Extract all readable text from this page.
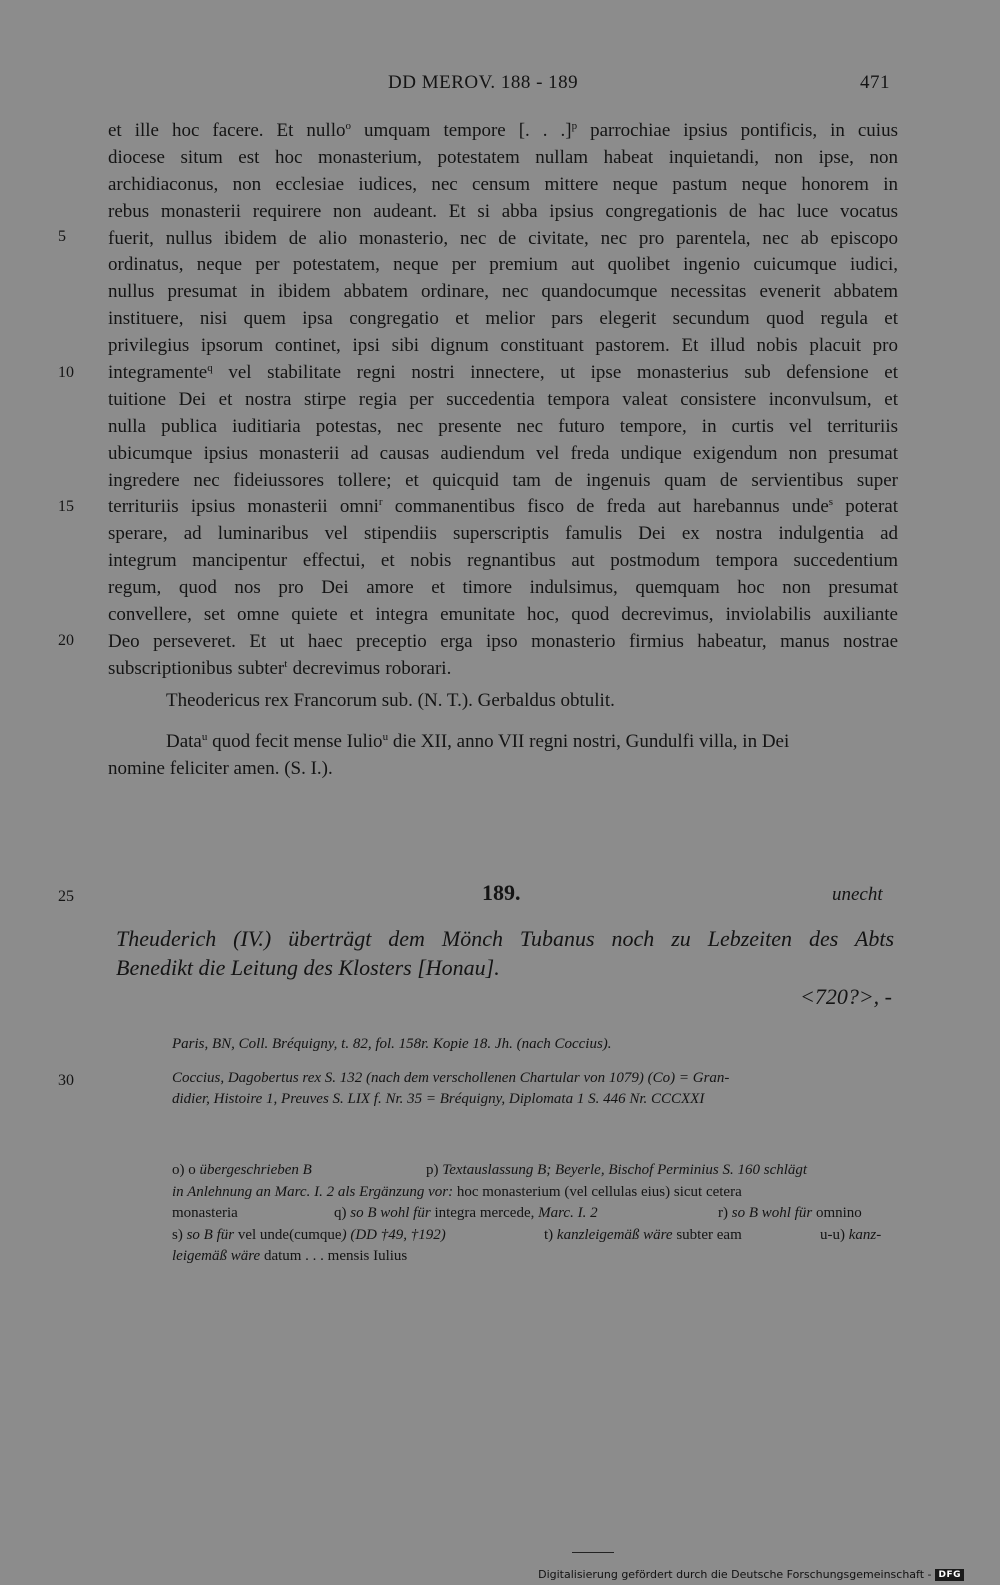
DD MEROV. 188 - 189	471
5
10
15
20
25
30
et ille hoc facere. Et nullo$^o$ umquam tempore [. . .]$^p$ parrochiae ipsius pontificis, in cuius
diocese situm est hoc monasterium, potestatem nullam habeat inquietandi, non ipse, non
archidiaconus, non ecclesiae iudices, nec censum mittere neque pastum neque honorem in
rebus monasterii requirere non audeant. Et si abba ipsius congregationis de hac luce vocatus
fuerit, nullus ibidem de alio monasterio, nec de civitate, nec pro parentela, nec ab episcopo
ordinatus, neque per potestatem, neque per premium aut quolibet ingenio cuicumque iudici,
nullus presumat in ibidem abbatem ordinare, nec quandocumque necessitas evenerit abbatem
instituere, nisi quem ipsa congregatio et melior pars elegerit secundum quod regula et
privilegius ipsorum continet, ipsi sibi dignum constituant pastorem. Et illud nobis placuit pro
integramente$^q$ vel stabilitate regni nostri innectere, ut ipse monasterius sub defensione et
tuitione Dei et nostra stirpe regia per succedentia tempora valeat consistere inconvulsum, et
nulla publica iuditiaria potestas, nec presente nec futuro tempore, in curtis vel territuriis
ubicumque ipsius monasterii ad causas audiendum vel freda undique exigendum non presumat
ingredere nec fideiussores tollere; et quicquid tam de ingenuis quam de servientibus super
territuriis ipsius monasterii omni$^r$ commanentibus fisco de freda aut harebannus unde$^s$ poterat
sperare, ad luminaribus vel stipendiis superscriptis famulis Dei ex nostra indulgentia ad
integrum mancipentur effectui, et nobis regnantibus aut postmodum tempora succedentium
regum, quod nos pro Dei amore et timore indulsimus, quemquam hoc non presumat
convellere, set omne quiete et integra emunitate hoc, quod decrevimus, inviolabilis auxiliante
Deo perseveret. Et ut haec preceptio erga ipso monasterio firmius habeatur, manus nostrae
subscriptionibus subter$^t$ decrevimus roborari.
Theodericus rex Francorum sub. (N. T.). Gerbaldus obtulit.
Data$^u$ quod fecit mense Iulio$^u$ die XII, anno VII regni nostri, Gundulfi villa, in Dei
nomine feliciter amen. (S. I.).
189.	unecht
Theuderich (IV.) überträgt dem Mönch Tubanus noch zu Lebzeiten des Abts
Benedikt die Leitung des Klosters [Honau].
<720?>, -
Paris, BN, Coll. Bréquigny, t. 82, fol. 158r. Kopie 18. Jh. (nach Coccius).
Coccius, Dagobertus rex S. 132 (nach dem verschollenen Chartular von 1079) (Co) = Gran-
didier, Histoire 1, Preuves S. LIX f. Nr. 35 = Bréquigny, Diplomata 1 S. 446 Nr. CCCXXI
o) o übergeschrieben B	p) Textauslassung B; Beyerle, Bischof Perminius S. 160 schlägt
in Anlehnung an Marc. I. 2 als Ergänzung vor: hoc monasterium (vel cellulas eius) sicut cetera
monasteria	q) so B wohl für integra mercede, Marc. I. 2	r) so B wohl für omnino
s) so B für vel unde(cumque) (DD †49, †192)	t) kanzleigemäß wäre subter eam	u-u) kanz-
leigemäß wäre datum . . . mensis Iulius
Digitalisierung gefördert durch die Deutsche Forschungsgemeinschaft - DFG
